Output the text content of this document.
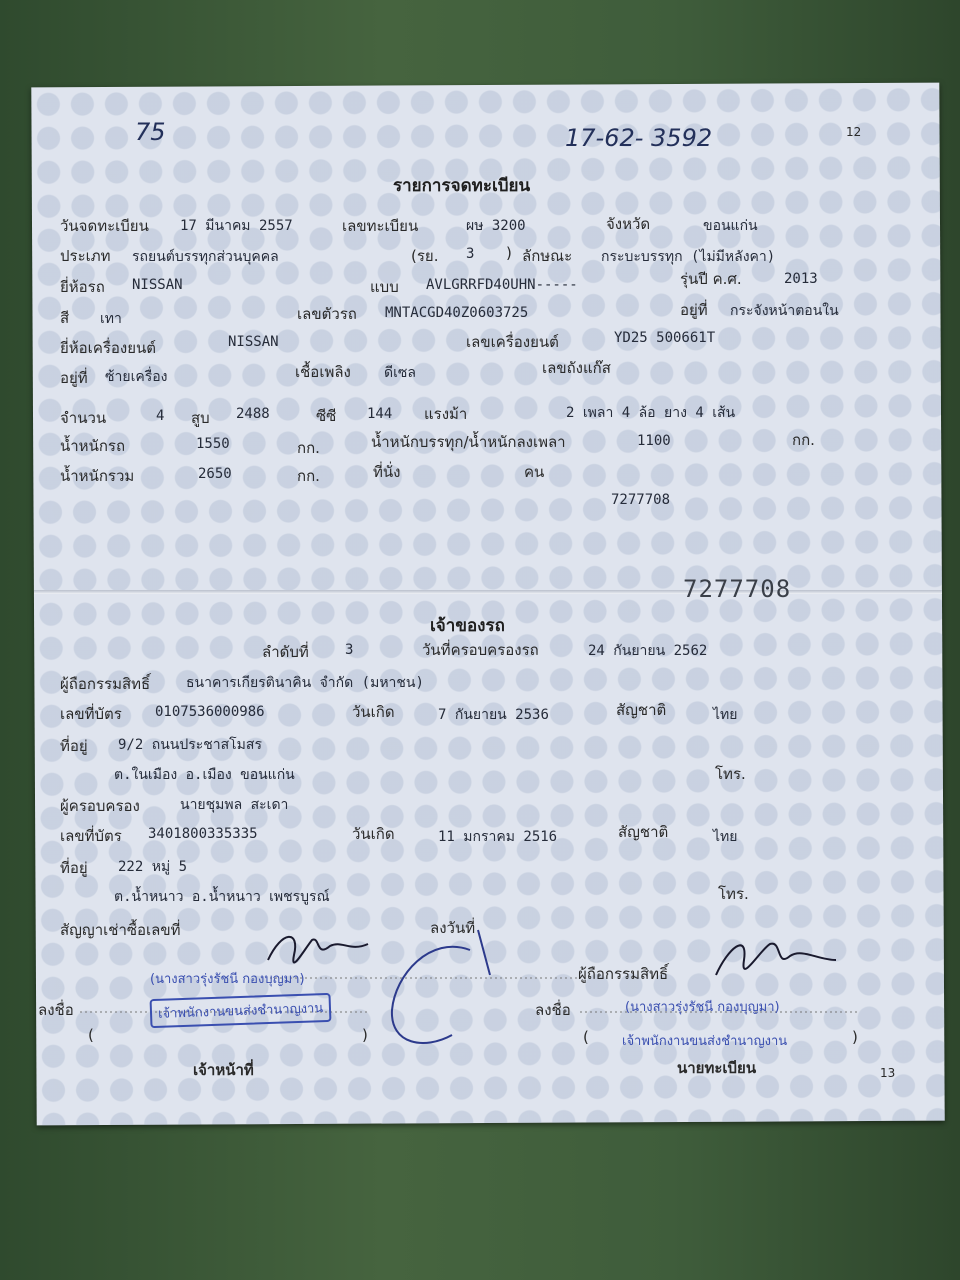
75	17-62- 3592	12
รายการจดทะเบียน
วันจดทะเบียน 17 มีนาคม 2557	เลขทะเบียน	ผษ 3200	จังหวัด	ขอนแก่น
ประเภท รถยนต์บรรทุกส่วนบุคคล	(รย. 3 ) ลักษณะ กระบะบรรทุก (ไม่มีหลังคา)
ยี่ห้อรถ NISSAN	แบบ AVLGRRFD40UHN-----	รุ่นปี ค.ศ.	2013
สี เทา	เลขตัวรถ MNTACGD40Z0603725	อยู่ที่ กระจังหน้าตอนใน
ยี่ห้อเครื่องยนต์	NISSAN	เลขเครื่องยนต์	YD25 500661T
อยู่ที่ ซ้ายเครื่อง	เชื้อเพลิง ดีเซล	เลขถังแก๊ส
จำนวน	4 สูบ 2488	ซีซี 144 แรงม้า	2 เพลา 4 ล้อ ยาง 4 เส้น
น้ำหนักรถ	1550	กก.	น้ำหนักบรรทุก/น้ำหนักลงเพลา	1100	กก.
น้ำหนักรวม	2650	กก.	ที่นั่ง	คน
7277708
7277708
เจ้าของรถ
ลำดับที่	3	วันที่ครอบครองรถ	24 กันยายน 2562
ผู้ถือกรรมสิทธิ์	ธนาคารเกียรตินาคิน จำกัด (มหาชน)
เลขที่บัตร 0107536000986	วันเกิด	7 กันยายน 2536	สัญชาติ	ไทย
ที่อยู่ 9/2 ถนนประชาสโมสร
ต.ในเมือง อ.เมือง ขอนแก่น	โทร.
ผู้ครอบครอง	นายชุมพล สะเดา
เลขที่บัตร 3401800335335	วันเกิด	11 มกราคม 2516	สัญชาติ	ไทย
ที่อยู่ 222 หมู่ 5
ต.น้ำหนาว อ.น้ำหนาว เพชรบูรณ์	โทร.
สัญญาเช่าซื้อเลขที่	ลงวันที่
ผู้ถือกรรมสิทธิ์
ลงชื่อ
(นางสาวรุ่งรัชนี กองบุญมา)
เจ้าพนักงานขนส่งชำนาญงาน
(	)
ลงชื่อ	(นางสาวรุ่งรัชนี กองบุญมา)
เจ้าพนักงานขนส่งชำนาญงาน
(	)
เจ้าหน้าที่	นายทะเบียน	13
